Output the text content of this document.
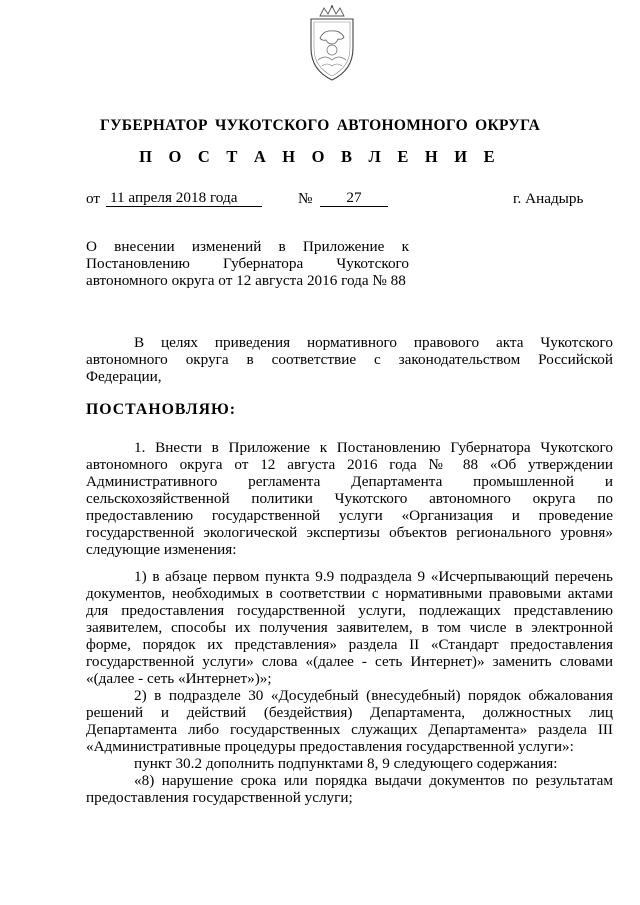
ГУБЕРНАТОР ЧУКОТСКОГО АВТОНОМНОГО ОКРУГА
П О С Т А Н О В Л Е Н И Е
от 11 апреля 2018 года	№	27	г. Анадырь
О внесении изменений в Приложение к
Постановлению Губернатора Чукотского
автономного округа от 12 августа 2016 года № 88
В целях приведения нормативного правового акта Чукотского
автономного округа в соответствие с законодательством Российской
Федерации,
ПОСТАНОВЛЯЮ:
1. Внести в Приложение к Постановлению Губернатора Чукотского
автономного округа от 12 августа 2016 года № 88 «Об утверждении
Административного регламента Департамента промышленной и
сельскохозяйственной политики Чукотского автономного округа по
предоставлению государственной услуги «Организация и проведение
государственной экологической экспертизы объектов регионального уровня»
следующие изменения:
1) в абзаце первом пункта 9.9 подраздела 9 «Исчерпывающий перечень
документов, необходимых в соответствии с нормативными правовыми актами
для предоставления государственной услуги, подлежащих представлению
заявителем, способы их получения заявителем, в том числе в электронной
форме, порядок их представления» раздела II «Стандарт предоставления
государственной услуги» слова «(далее - сеть Интернет)» заменить словами
«(далее - сеть «Интернет»)»;
2) в подразделе 30 «Досудебный (внесудебный) порядок обжалования
решений и действий (бездействия) Департамента, должностных лиц
Департамента либо государственных служащих Департамента» раздела III
«Административные процедуры предоставления государственной услуги»:
пункт 30.2 дополнить подпунктами 8, 9 следующего содержания:
«8) нарушение срока или порядка выдачи документов по результатам
предоставления государственной услуги;
